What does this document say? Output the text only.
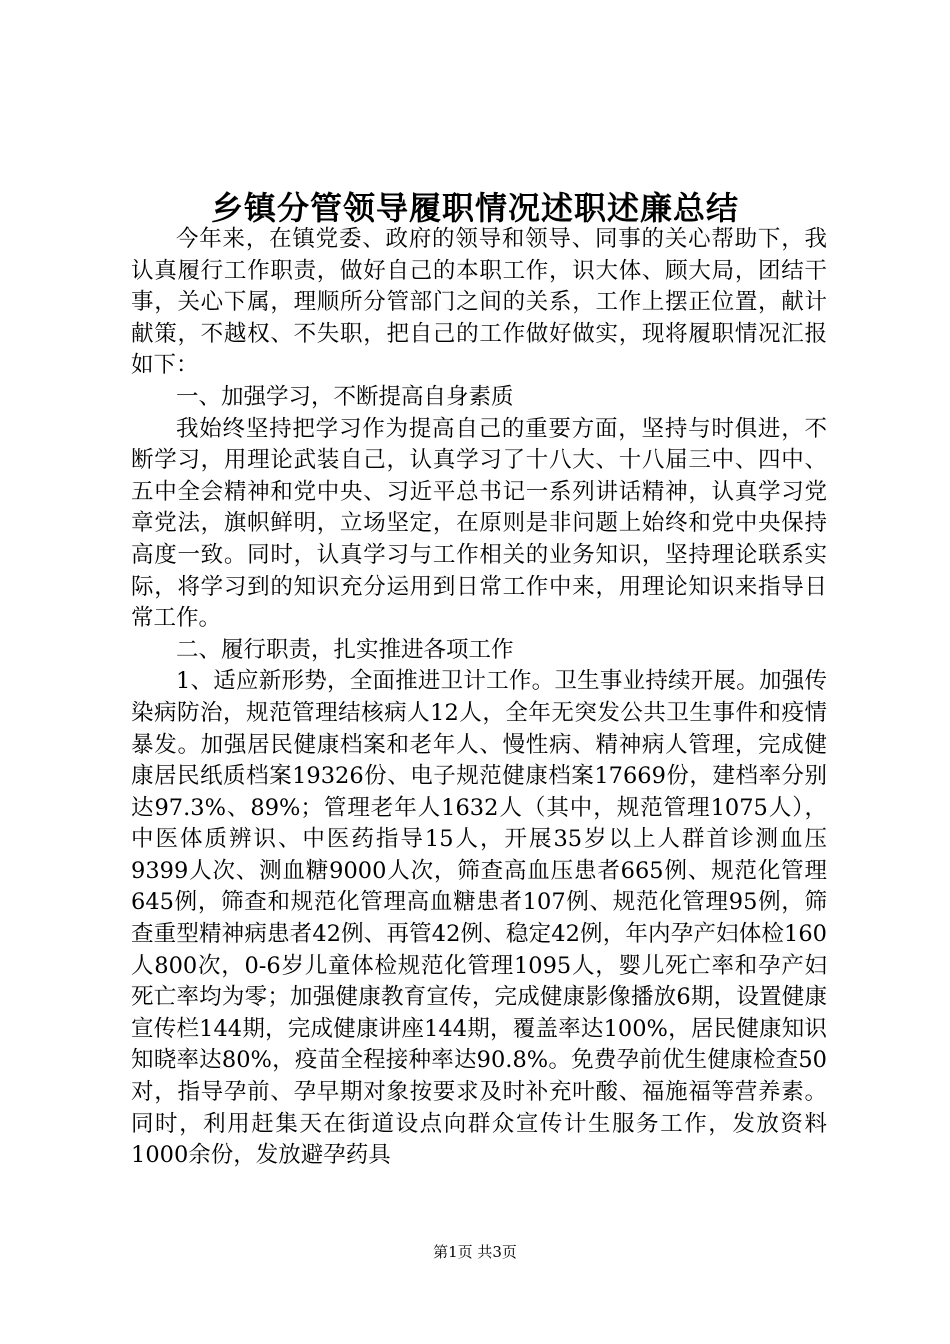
乡镇分管领导履职情况述职述廉总结

今年来，在镇党委、政府的领导和领导、同事的关心帮助下，我认真履行工作职责，做好自己的本职工作，识大体、顾大局，团结干事，关心下属，理顺所分管部门之间的关系，工作上摆正位置，献计献策，不越权、不失职，把自己的工作做好做实，现将履职情况汇报如下：

一、加强学习，不断提高自身素质

我始终坚持把学习作为提高自己的重要方面，坚持与时俱进，不断学习，用理论武装自己，认真学习了十八大、十八届三中、四中、五中全会精神和党中央、习近平总书记一系列讲话精神，认真学习党章党法，旗帜鲜明，立场坚定，在原则是非问题上始终和党中央保持高度一致。同时，认真学习与工作相关的业务知识，坚持理论联系实际，将学习到的知识充分运用到日常工作中来，用理论知识来指导日常工作。

二、履行职责，扎实推进各项工作

1、适应新形势，全面推进卫计工作。卫生事业持续开展。加强传染病防治，规范管理结核病人12人，全年无突发公共卫生事件和疫情暴发。加强居民健康档案和老年人、慢性病、精神病人管理，完成健康居民纸质档案19326份、电子规范健康档案17669份，建档率分别达97.3%、89%；管理老年人1632人（其中，规范管理1075人），中医体质辨识、中医药指导15人，开展35岁以上人群首诊测血压9399人次、测血糖9000人次，筛查高血压患者665例、规范化管理645例，筛查和规范化管理高血糖患者107例、规范化管理95例，筛查重型精神病患者42例、再管42例、稳定42例，年内孕产妇体检160人800次，0-6岁儿童体检规范化管理1095人，婴儿死亡率和孕产妇死亡率均为零；加强健康教育宣传，完成健康影像播放6期，设置健康宣传栏144期，完成健康讲座144期，覆盖率达100%，居民健康知识知晓率达80%，疫苗全程接种率达90.8%。免费孕前优生健康检查50对，指导孕前、孕早期对象按要求及时补充叶酸、福施福等营养素。同时，利用赶集天在街道设点向群众宣传计生服务工作，发放资料1000余份，发放避孕药具

第1页 共3页
